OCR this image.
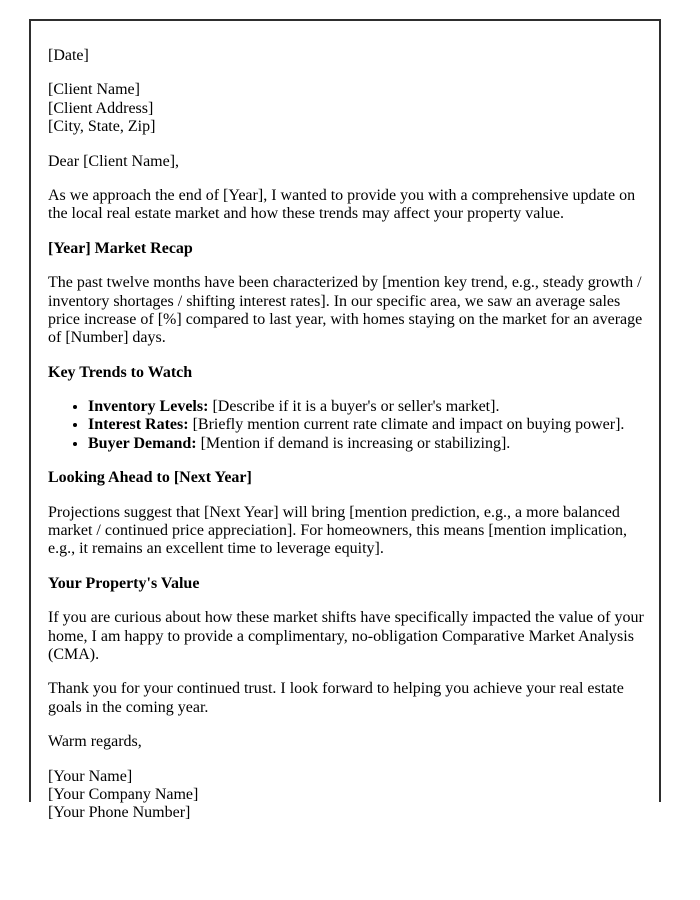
[Date]

[Client Name]
[Client Address]
[City, State, Zip]

Dear [Client Name],

As we approach the end of [Year], I wanted to provide you with a comprehensive update on the local real estate market and how these trends may affect your property value.

[Year] Market Recap

The past twelve months have been characterized by [mention key trend, e.g., steady growth / inventory shortages / shifting interest rates]. In our specific area, we saw an average sales price increase of [%] compared to last year, with homes staying on the market for an average of [Number] days.

Key Trends to Watch

• Inventory Levels: [Describe if it is a buyer's or seller's market].
• Interest Rates: [Briefly mention current rate climate and impact on buying power].
• Buyer Demand: [Mention if demand is increasing or stabilizing].

Looking Ahead to [Next Year]

Projections suggest that [Next Year] will bring [mention prediction, e.g., a more balanced market / continued price appreciation]. For homeowners, this means [mention implication, e.g., it remains an excellent time to leverage equity].

Your Property's Value

If you are curious about how these market shifts have specifically impacted the value of your home, I am happy to provide a complimentary, no-obligation Comparative Market Analysis (CMA).

Thank you for your continued trust. I look forward to helping you achieve your real estate goals in the coming year.

Warm regards,

[Your Name]
[Your Company Name]
[Your Phone Number]
